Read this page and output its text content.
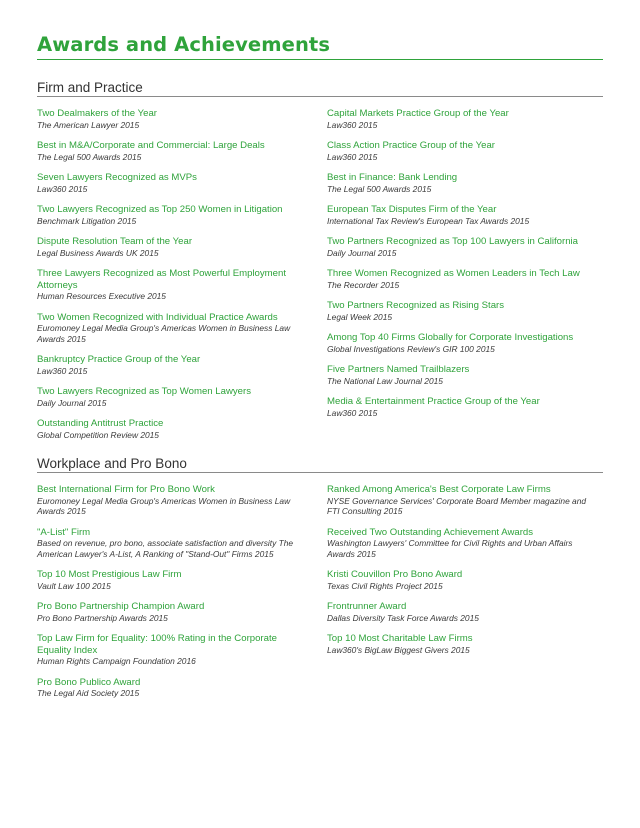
Awards and Achievements
Firm and Practice
Two Dealmakers of the Year
The American Lawyer 2015
Best in M&A/Corporate and Commercial: Large Deals
The Legal 500 Awards 2015
Seven Lawyers Recognized as MVPs
Law360 2015
Two Lawyers Recognized as Top 250 Women in Litigation
Benchmark Litigation 2015
Dispute Resolution Team of the Year
Legal Business Awards UK 2015
Three Lawyers Recognized as Most Powerful Employment Attorneys
Human Resources Executive 2015
Two Women Recognized with Individual Practice Awards
Euromoney Legal Media Group's Americas Women in Business Law Awards 2015
Bankruptcy Practice Group of the Year
Law360 2015
Two Lawyers Recognized as Top Women Lawyers
Daily Journal 2015
Outstanding Antitrust Practice
Global Competition Review 2015
Capital Markets Practice Group of the Year
Law360 2015
Class Action Practice Group of the Year
Law360 2015
Best in Finance: Bank Lending
The Legal 500 Awards 2015
European Tax Disputes Firm of the Year
International Tax Review's European Tax Awards 2015
Two Partners Recognized as Top 100 Lawyers in California
Daily Journal 2015
Three Women Recognized as Women Leaders in Tech Law
The Recorder 2015
Two Partners Recognized as Rising Stars
Legal Week 2015
Among Top 40 Firms Globally for Corporate Investigations
Global Investigations Review's GIR 100 2015
Five Partners Named Trailblazers
The National Law Journal 2015
Media & Entertainment Practice Group of the Year
Law360 2015
Workplace and Pro Bono
Best International Firm for Pro Bono Work
Euromoney Legal Media Group's Americas Women in Business Law Awards 2015
"A-List" Firm
Based on revenue, pro bono, associate satisfaction and diversity The American Lawyer's A-List, A Ranking of "Stand-Out" Firms 2015
Top 10 Most Prestigious Law Firm
Vault Law 100 2015
Pro Bono Partnership Champion Award
Pro Bono Partnership Awards 2015
Top Law Firm for Equality: 100% Rating in the Corporate Equality Index
Human Rights Campaign Foundation 2016
Pro Bono Publico Award
The Legal Aid Society 2015
Ranked Among America's Best Corporate Law Firms
NYSE Governance Services' Corporate Board Member magazine and FTI Consulting 2015
Received Two Outstanding Achievement Awards
Washington Lawyers' Committee for Civil Rights and Urban Affairs Awards 2015
Kristi Couvillon Pro Bono Award
Texas Civil Rights Project 2015
Frontrunner Award
Dallas Diversity Task Force Awards 2015
Top 10 Most Charitable Law Firms
Law360's BigLaw Biggest Givers 2015
